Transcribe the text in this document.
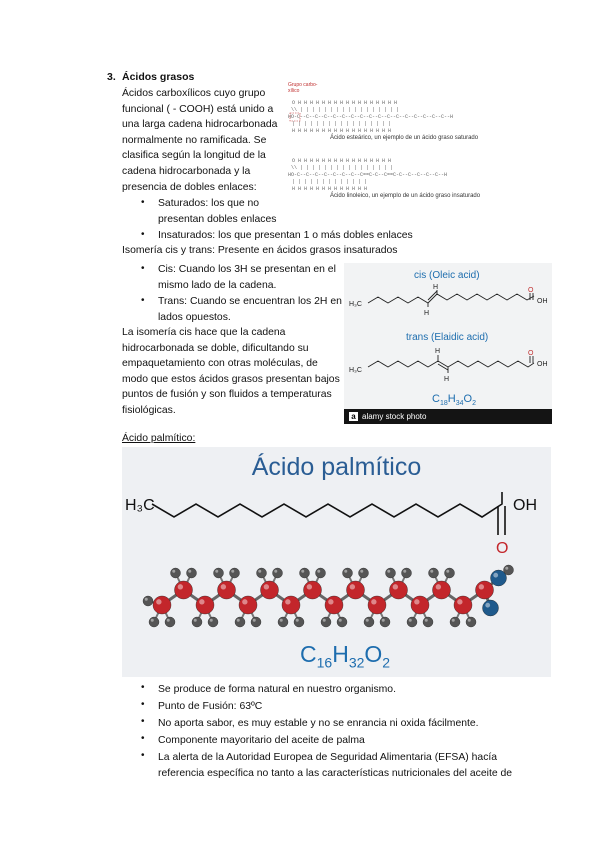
3. Ácidos grasos
Ácidos carboxílicos cuyo grupo
funcional ( - COOH) está unido a
una larga cadena hidrocarbonada
normalmente no ramificada. Se
clasifica según la longitud de la
cadena hidrocarbonada y la
presencia de dobles enlaces:
• Saturados: los que no
presentan dobles enlaces
• Insaturados: los que presentan 1 o más dobles enlaces
Isomería cis y trans: Presente en ácidos grasos insaturados
• Cis: Cuando los 3H se presentan en el
mismo lado de la cadena.
• Trans: Cuando se encuentran los 2H en
lados opuestos.
La isomería cis hace que la cadena
hidrocarbonada se doble, dificultando su
empaquetamiento con otras moléculas, de
modo que estos ácidos grasos presentan bajos
puntos de fusión y son fluidos a temperaturas
fisiológicas.
Grupo carbo-
xílico
O H H H H H H H H H H H H H H H H H
\\ | | | | | | | | | | | | | | | | |
HO-C--C--C--C--C--C--C--C--C--C--C--C--C--C--C--C--C--H
| | | | | | | | | | | | | | | | |
H H H H H H H H H H H H H H H H H
O H H H H H H H H H H H H H H H H
\\ | | | | | | | | | | | | | | | |
HO-C--C--C--C--C--C--C--C==C-C--C==C-C--C--C--C--C--H
| | | | | | | | | | | | |
H H H H H H H H H H H H H
Ácido esteárico, un ejemplo de un ácido graso saturado
Ácido linoleico, un ejemplo de un ácido graso insaturado
cis (Oleic acid)
trans (Elaidic acid)
H₃C
H₃C
OH
OH
O
O
H
H
H
H
$C_{18}H_{34}O_2$
a alamy stock photo
Ácido palmítico:
Ácido palmítico
H₃C	OH
O
$C_{16}H_{32}O_2$
• Se produce de forma natural en nuestro organismo.
• Punto de Fusión: 63ºC
• No aporta sabor, es muy estable y no se enrancia ni oxida fácilmente.
• Componente mayoritario del aceite de palma
• La alerta de la Autoridad Europea de Seguridad Alimentaria (EFSA) hacía
referencia específica no tanto a las características nutricionales del aceite de
